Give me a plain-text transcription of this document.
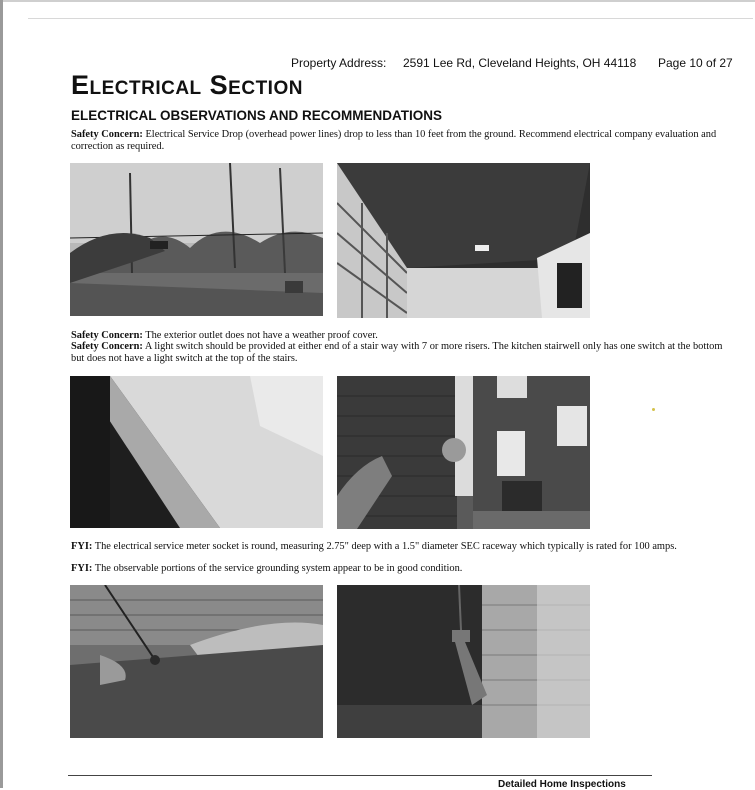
Property Address: 2591 Lee Rd, Cleveland Heights, OH 44118 Page 10 of 27
Electrical Section
ELECTRICAL OBSERVATIONS AND RECOMMENDATIONS
Safety Concern: Electrical Service Drop (overhead power lines) drop to less than 10 feet from the ground. Recommend electrical company evaluation and correction as required.
Safety Concern: The exterior outlet does not have a weather proof cover.
Safety Concern: A light switch should be provided at either end of a stair way with 7 or more risers. The kitchen stairwell only has one switch at the bottom but does not have a light switch at the top of the stairs.
FYI: The electrical service meter socket is round, measuring 2.75" deep with a 1.5" diameter SEC raceway which typically is rated for 100 amps.
FYI: The observable portions of the service grounding system appear to be in good condition.
Detailed Home Inspections
